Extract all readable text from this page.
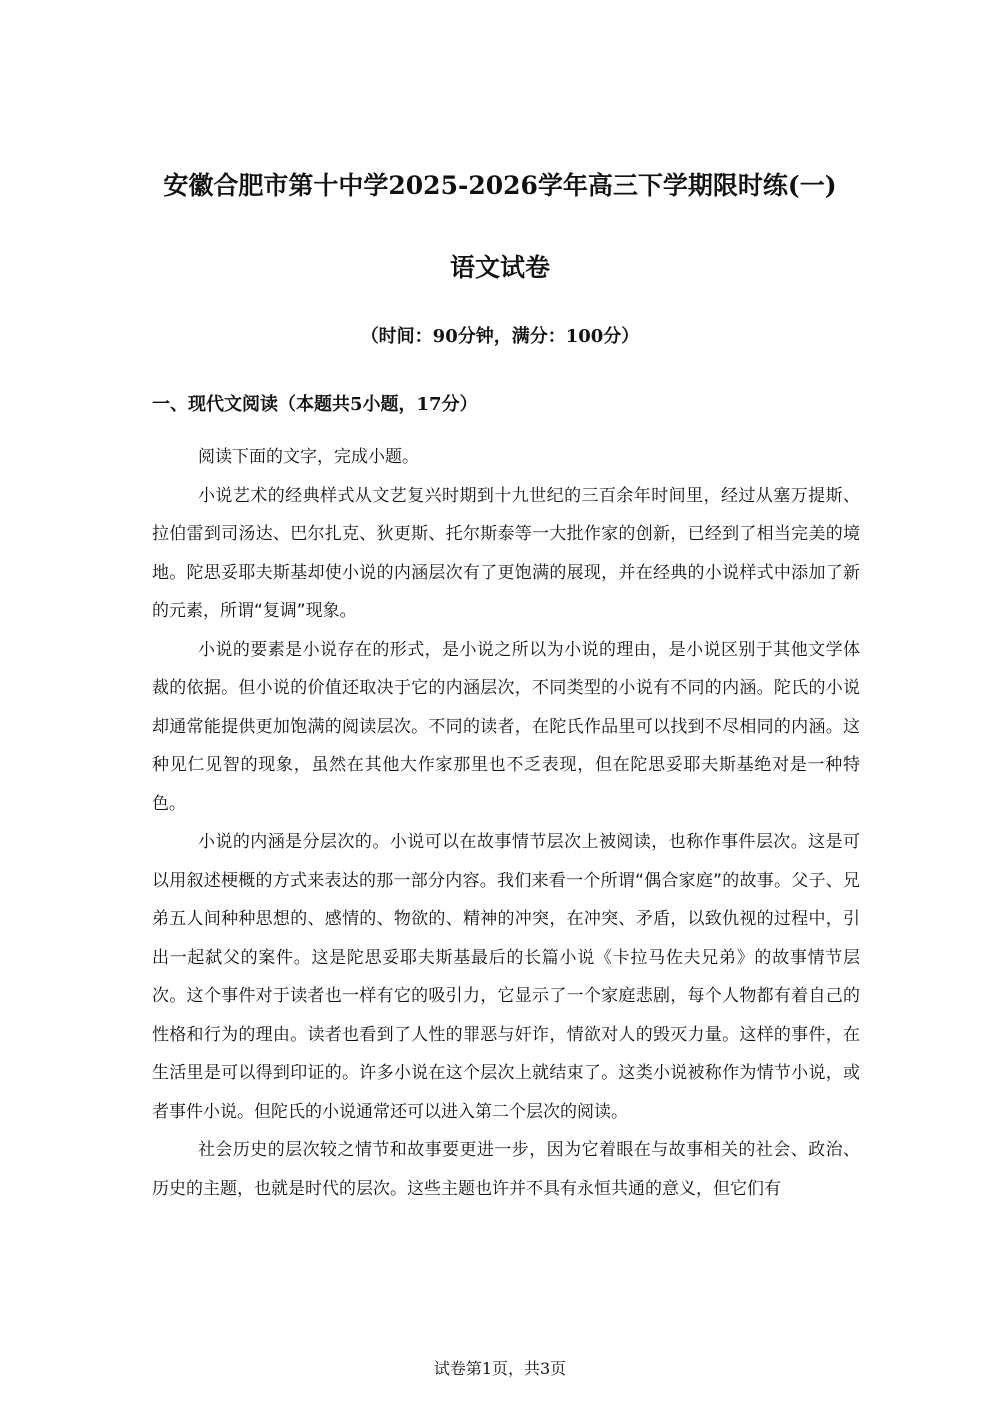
安徽合肥市第十中学2025-2026学年高三下学期限时练(一)
语文试卷
（时间：90分钟，满分：100分）
一、现代文阅读（本题共5小题，17分）

阅读下面的文字，完成小题。

小说艺术的经典样式从文艺复兴时期到十九世纪的三百余年时间里，经过从塞万提斯、拉伯雷到司汤达、巴尔扎克、狄更斯、托尔斯泰等一大批作家的创新，已经到了相当完美的境地。陀思妥耶夫斯基却使小说的内涵层次有了更饱满的展现，并在经典的小说样式中添加了新的元素，所谓“复调”现象。

小说的要素是小说存在的形式，是小说之所以为小说的理由，是小说区别于其他文学体裁的依据。但小说的价值还取决于它的内涵层次，不同类型的小说有不同的内涵。陀氏的小说却通常能提供更加饱满的阅读层次。不同的读者，在陀氏作品里可以找到不尽相同的内涵。这种见仁见智的现象，虽然在其他大作家那里也不乏表现，但在陀思妥耶夫斯基绝对是一种特色。

小说的内涵是分层次的。小说可以在故事情节层次上被阅读，也称作事件层次。这是可以用叙述梗概的方式来表达的那一部分内容。我们来看一个所谓“偶合家庭”的故事。父子、兄弟五人间种种思想的、感情的、物欲的、精神的冲突，在冲突、矛盾，以致仇视的过程中，引出一起弑父的案件。这是陀思妥耶夫斯基最后的长篇小说《卡拉马佐夫兄弟》的故事情节层次。这个事件对于读者也一样有它的吸引力，它显示了一个家庭悲剧，每个人物都有着自己的性格和行为的理由。读者也看到了人性的罪恶与奸诈，情欲对人的毁灭力量。这样的事件，在生活里是可以得到印证的。许多小说在这个层次上就结束了。这类小说被称作为情节小说，或者事件小说。但陀氏的小说通常还可以进入第二个层次的阅读。

社会历史的层次较之情节和故事要更进一步，因为它着眼在与故事相关的社会、政治、历史的主题，也就是时代的层次。这些主题也许并不具有永恒共通的意义，但它们有

试卷第1页，共3页
